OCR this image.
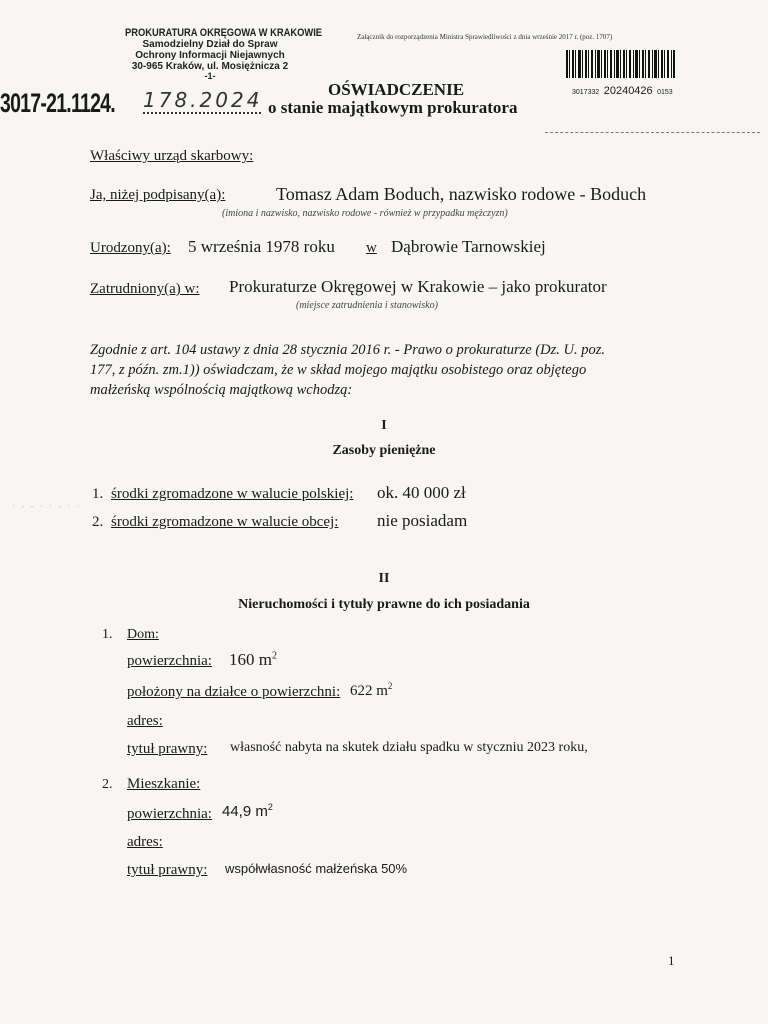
PROKURATURA OKRĘGOWA W KRAKOWIE
Samodzielny Dział do Spraw
Ochrony Informacji Niejawnych
30-965 Kraków, ul. Mosiężnicza 2
-1-
Załącznik do rozporządzenia Ministra Sprawiedliwości z dnia wrześnie 2017 r. (poz. 1707)
3017332 20240426 0153
3017-21.1124.	178.2024	OŚWIADCZENIE
o stanie majątkowym prokuratora
Właściwy urząd skarbowy:
Ja, niżej podpisany(a):	Tomasz Adam Boduch, nazwisko rodowe - Boduch
(imiona i nazwisko, nazwisko rodowe - również w przypadku mężczyzn)
Urodzony(a): 5 września 1978 roku w Dąbrowie Tarnowskiej
Zatrudniony(a) w: Prokuraturze Okręgowej w Krakowie – jako prokurator
(miejsce zatrudnienia i stanowisko)
Zgodnie z art. 104 ustawy z dnia 28 stycznia 2016 r. - Prawo o prokuraturze (Dz. U. poz.
177, z późn. zm.1)) oświadczam, że w skład mojego majątku osobistego oraz objętego
małżeńską wspólnością majątkową wchodzą:
I
Zasoby pieniężne
1. środki zgromadzone w walucie polskiej: ok. 40 000 zł
2. środki zgromadzone w walucie obcej: nie posiadam
· - - · · - · ·
II
Nieruchomości i tytuły prawne do ich posiadania
1. Dom:
powierzchnia: 160 $m^2$
położony na działce o powierzchni: 622 $m^2$
adres:
tytuł prawny: własność nabyta na skutek działu spadku w styczniu 2023 roku,
2. Mieszkanie:
powierzchnia: 44,9 $m^2$
adres:
tytuł prawny: współwłasność małżeńska 50%
1
